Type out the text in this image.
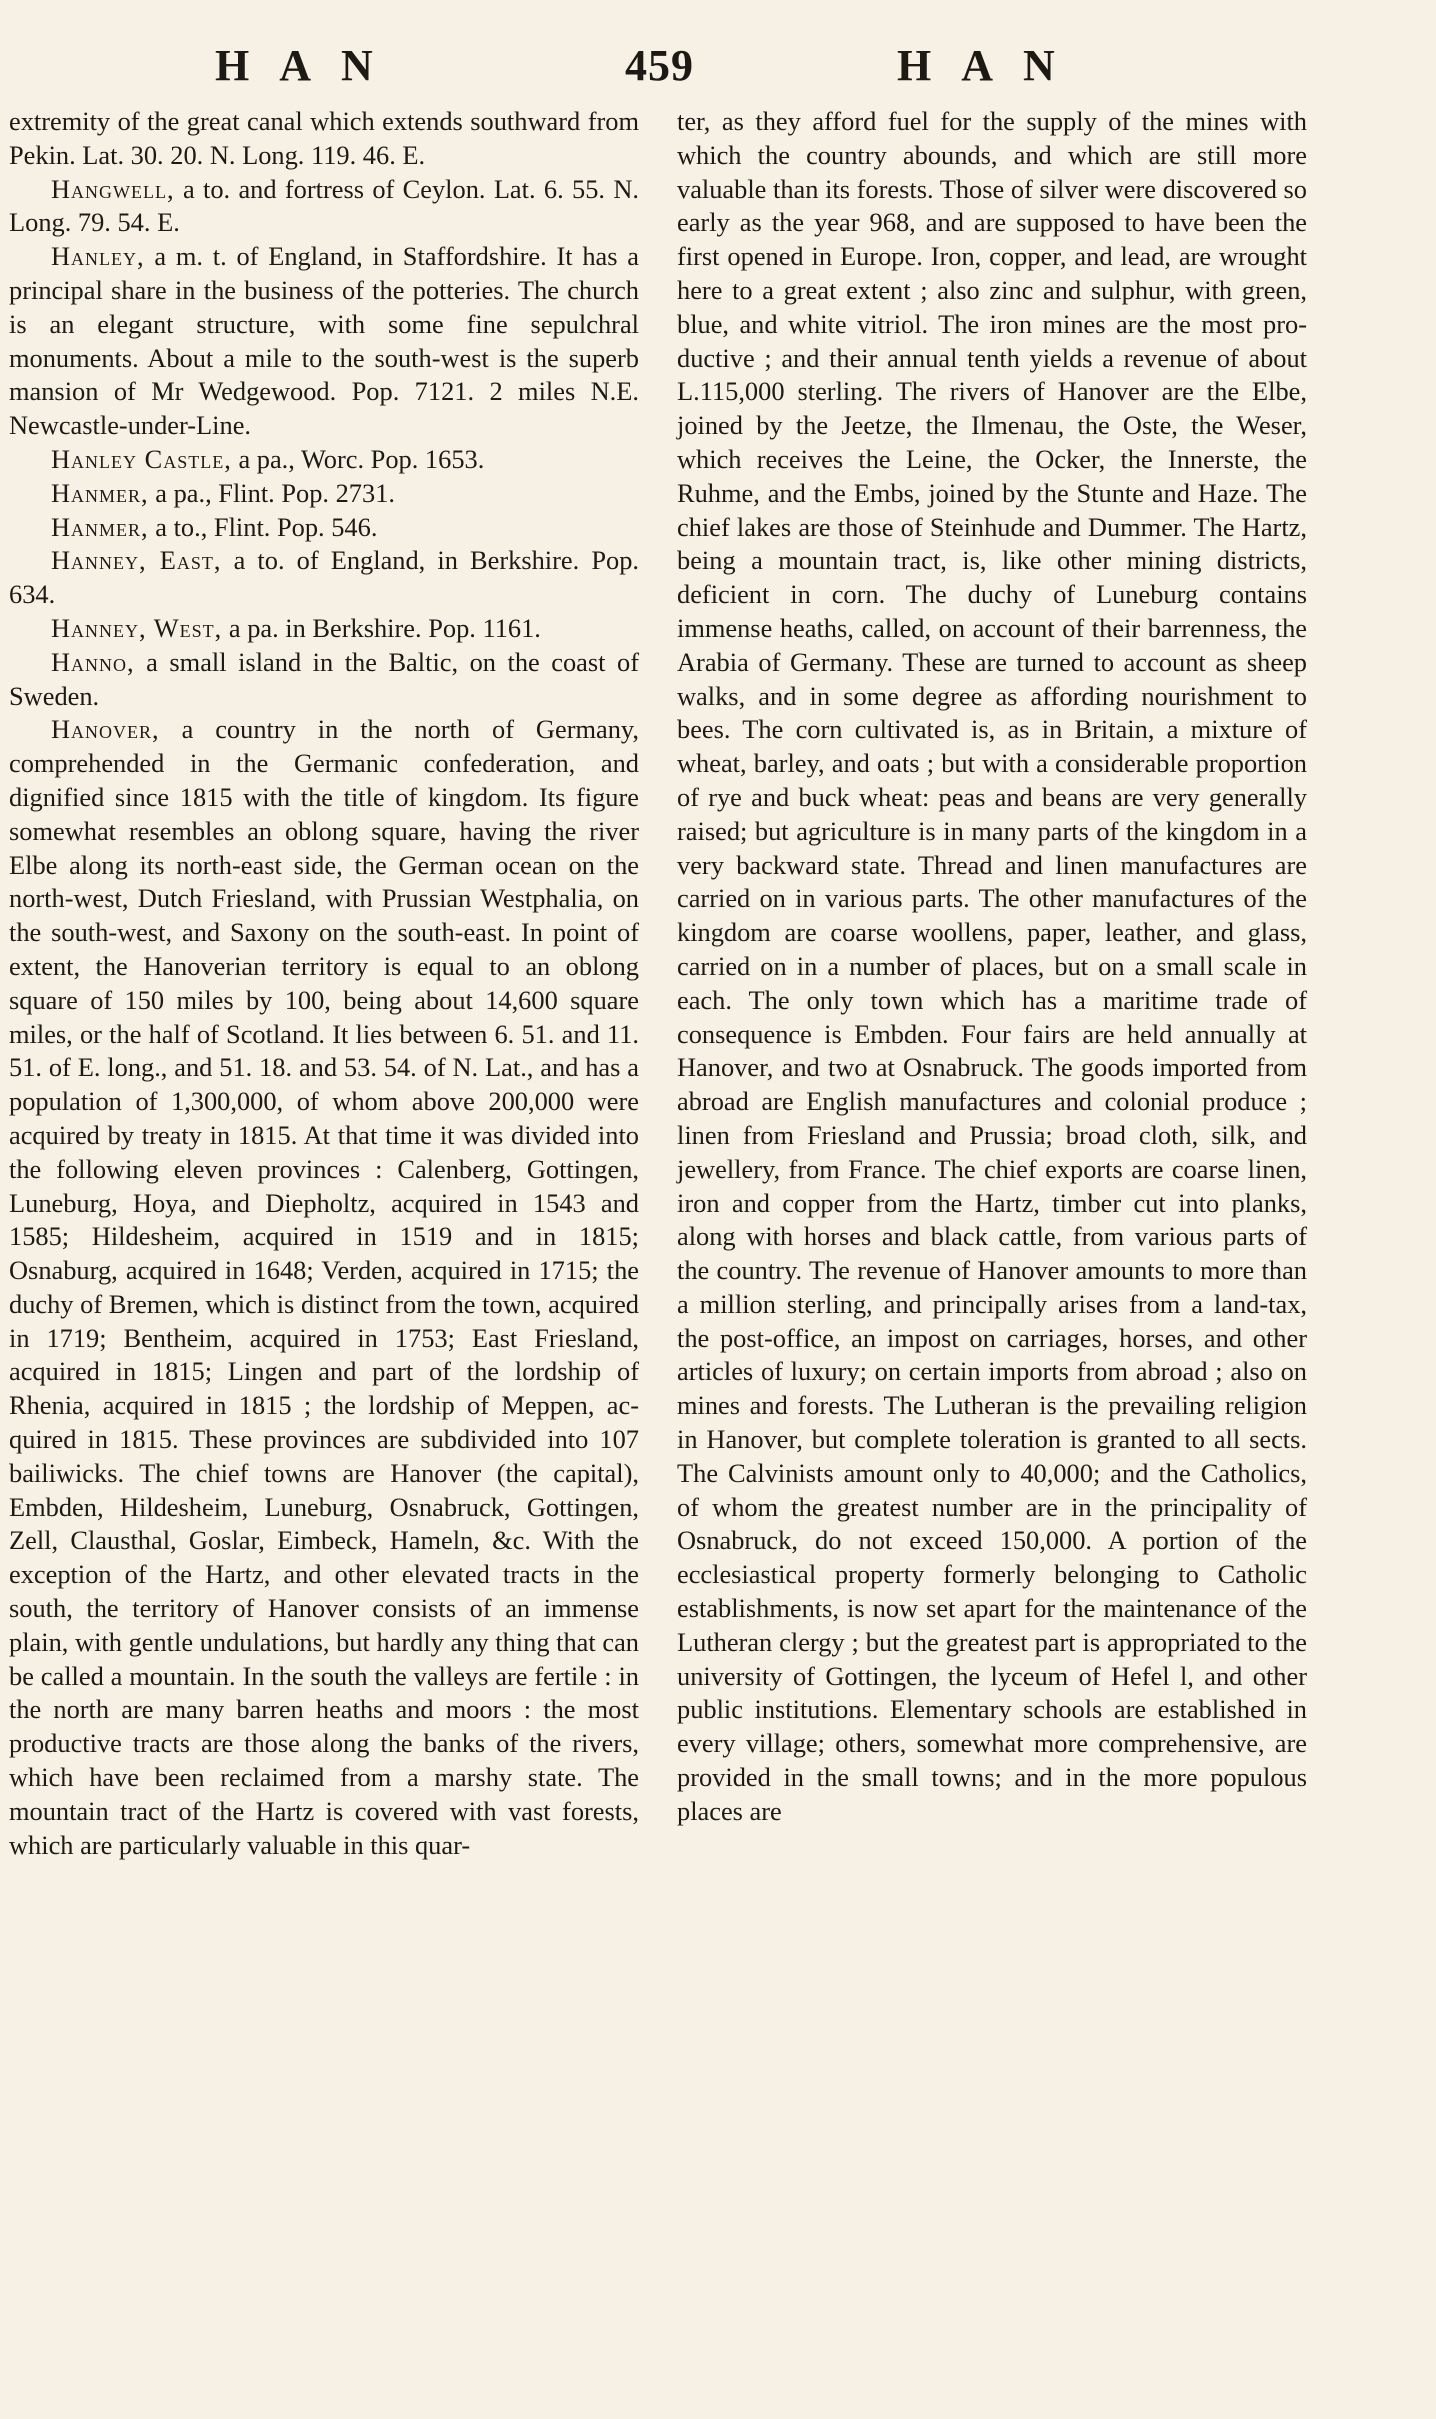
HAN	459	HAN

extremity of the great canal which extends southward from Pekin. Lat. 30. 20. N. Long. 119. 46. E.

Hangwell, a to. and fortress of Ceylon. Lat. 6. 55. N. Long. 79. 54. E.

Hanley, a m. t. of England, in Staffordshire. It has a principal share in the business of the potteries. The church is an elegant structure, with some fine sepulchral monuments. About a mile to the south-west is the superb mansion of Mr Wedgewood. Pop. 7121. 2 miles N.E. Newcastle-under-Line.

Hanley Castle, a pa., Worc. Pop. 1653.

Hanmer, a pa., Flint. Pop. 2731.

Hanmer, a to., Flint. Pop. 546.

Hanney, East, a to. of England, in Berkshire. Pop. 634.

Hanney, West, a pa. in Berkshire. Pop. 1161.

Hanno, a small island in the Baltic, on the coast of Sweden.

Hanover, a country in the north of Germany, comprehended in the Germanic confederation, and dignified since 1815 with the title of kingdom. Its figure somewhat resembles an oblong square, having the river Elbe along its north-east side, the German ocean on the north-west, Dutch Friesland, with Prussian Westphalia, on the south-west, and Saxony on the south-east. In point of extent, the Hanoverian territory is equal to an oblong square of 150 miles by 100, being about 14,600 square miles, or the half of Scotland. It lies between 6. 51. and 11. 51. of E. long., and 51. 18. and 53. 54. of N. Lat., and has a population of 1,300,000, of whom above 200,000 were acquired by treaty in 1815. At that time it was divided into the following eleven provinces : Calenberg, Gottingen, Luneburg, Hoya, and Diepholtz, acquired in 1543 and 1585; Hildesheim, acquired in 1519 and in 1815; Osnaburg, acquired in 1648; Verden, acquired in 1715; the duchy of Bremen, which is distinct from the town, acquired in 1719; Bentheim, acquired in 1753; East Friesland, acquired in 1815; Lingen and part of the lordship of Rhenia, acquired in 1815 ; the lordship of Meppen, acquired in 1815. These provinces are subdivided into 107 bailiwicks. The chief towns are Hanover (the capital), Embden, Hildesheim, Luneburg, Osnabruck, Gottingen, Zell, Clausthal, Goslar, Eimbeck, Hameln, &c. With the exception of the Hartz, and other elevated tracts in the south, the territory of Hanover consists of an immense plain, with gentle undulations, but hardly any thing that can be called a mountain. In the south the valleys are fertile : in the north are many barren heaths and moors : the most productive tracts are those along the banks of the rivers, which have been reclaimed from a marshy state. The mountain tract of the Hartz is covered with vast forests, which are particularly valuable in this quar-

ter, as they afford fuel for the supply of the mines with which the country abounds, and which are still more valuable than its forests. Those of silver were discovered so early as the year 968, and are supposed to have been the first opened in Europe. Iron, copper, and lead, are wrought here to a great extent ; also zinc and sulphur, with green, blue, and white vitriol. The iron mines are the most productive ; and their annual tenth yields a revenue of about L.115,000 sterling. The rivers of Hanover are the Elbe, joined by the Jeetze, the Ilmenau, the Oste, the Weser, which receives the Leine, the Ocker, the Innerste, the Ruhme, and the Embs, joined by the Stunte and Haze. The chief lakes are those of Steinhude and Dummer. The Hartz, being a mountain tract, is, like other mining districts, deficient in corn. The duchy of Luneburg contains immense heaths, called, on account of their barrenness, the Arabia of Germany. These are turned to account as sheep walks, and in some degree as affording nourishment to bees. The corn cultivated is, as in Britain, a mixture of wheat, barley, and oats ; but with a considerable proportion of rye and buck wheat: peas and beans are very generally raised; but agriculture is in many parts of the kingdom in a very backward state. Thread and linen manufactures are carried on in various parts. The other manufactures of the kingdom are coarse woollens, paper, leather, and glass, carried on in a number of places, but on a small scale in each. The only town which has a maritime trade of consequence is Embden. Four fairs are held annually at Hanover, and two at Osnabruck. The goods imported from abroad are English manufactures and colonial produce ; linen from Friesland and Prussia; broad cloth, silk, and jewellery, from France. The chief exports are coarse linen, iron and copper from the Hartz, timber cut into planks, along with horses and black cattle, from various parts of the country. The revenue of Hanover amounts to more than a million sterling, and principally arises from a land-tax, the post-office, an impost on carriages, horses, and other articles of luxury; on certain imports from abroad ; also on mines and forests. The Lutheran is the prevailing religion in Hanover, but complete toleration is granted to all sects. The Calvinists amount only to 40,000; and the Catholics, of whom the greatest number are in the principality of Osnabruck, do not exceed 150,000. A portion of the ecclesiastical property formerly belonging to Catholic establishments, is now set apart for the maintenance of the Lutheran clergy ; but the greatest part is appropriated to the university of Gottingen, the lyceum of Hefel l, and other public institutions. Elementary schools are established in every village; others, somewhat more comprehensive, are provided in the small towns; and in the more populous places are
